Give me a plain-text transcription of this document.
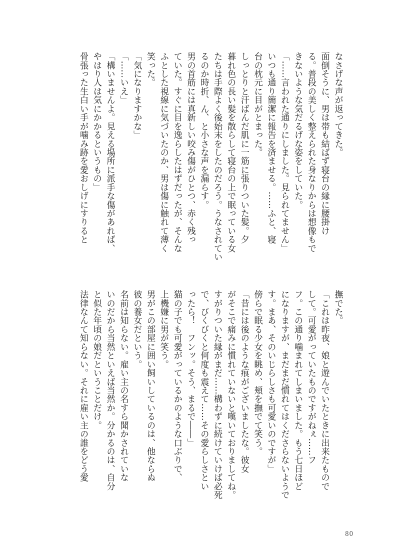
なさげな声が返ってきた。
面倒そうに、男は帯も結ばず寝台の縁に腰掛け
る。普段の美しく整えられた身なりからは想像もで
きないような気だるげな姿をしていた。
「……言われた通りにしました。見られてません」
いつも通り簡潔に報告を済ませる。……ふと、寝
台の枕元に目がとまった。
しっとりと汗ばんだ肌に一筋に張りついた髪。夕
暮れ色の長い髪を散らして寝台の上で眠っている女
たちは手際よく後始末をしたのだろう。うなされてい
るのか時折、ん、と小さな声を漏らす。
男の首筋には真新しい咬み傷がひとつ、赤く残っ
ていた。すぐに目を逸らしたはずだったが、そんな
ふとした視線に気づいたのか、男は傷に触れて薄く
笑った。
「気になりますかな」
「……いえ」
「構いませんよ。見える場所に派手な傷があれば、
やはり人は気にかかるというもの」
骨張った生白い手が噛み跡を愛おしげにすりると
撫でた。
「これは昨夜、娘と遊んでいたときに出来たもので
して。可愛がっていたものですがねぇ……フ
フ。この通り噛まれてしまいました。もう七日ほど
になりますが、まだまだ慣れてはくださらないようで
す。まあ、そのいじらしさも可愛いのですが」
傍らで眠る少女を眺め、頬を撫でて笑う。
「昔には後のような痕がございましたな。彼女
がそこで痛みに慣れていないと嘆いておりましてね。
すがりついた縁がまだ……構わずに続けていけば必死
で、びくびくと何度も震えて……その愛らしさとい
ったら！　フンッ。そう、まるで――」
猫の子でも可愛がっているかのような口ぶりで、
上機嫌に男が笑う。
男がこの部屋に囲い飼いしているのは、他ならぬ
彼の養女だという。
名前は知らない。雇い主の名すら聞かされていな
いのだから当然といえば当然か。分かるのは、自分
と似た年頃の娘だということだけ。
法律なんて知らない。それに雇い主の誰をどう愛
80
